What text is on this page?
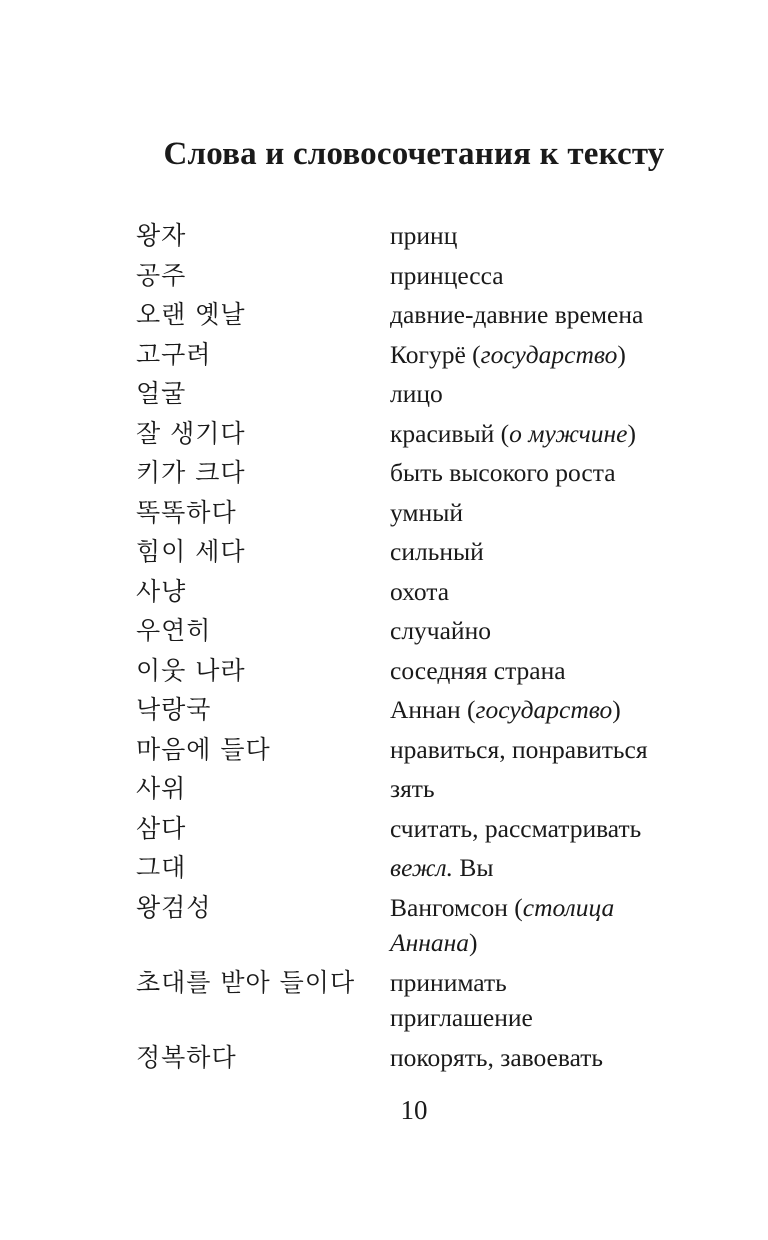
Слова и словосочетания к тексту
왕자	принц
공주	принцесса
오랜 옛날	давние-давние времена
고구려	Когурё (государство)
얼굴	лицо
잘 생기다	красивый (о мужчине)
키가 크다	быть высокого роста
똑똑하다	умный
힘이 세다	сильный
사냥	охота
우연히	случайно
이웃 나라	соседняя страна
낙랑국	Аннан (государство)
마음에 들다	нравиться, понравиться
사위	зять
삼다	считать, рассматривать
그대	вежл. Вы
왕검성	Вангомсон (столица
Аннана)
초대를 받아 들이다	принимать
приглашение
정복하다	покорять, завоевать
10
